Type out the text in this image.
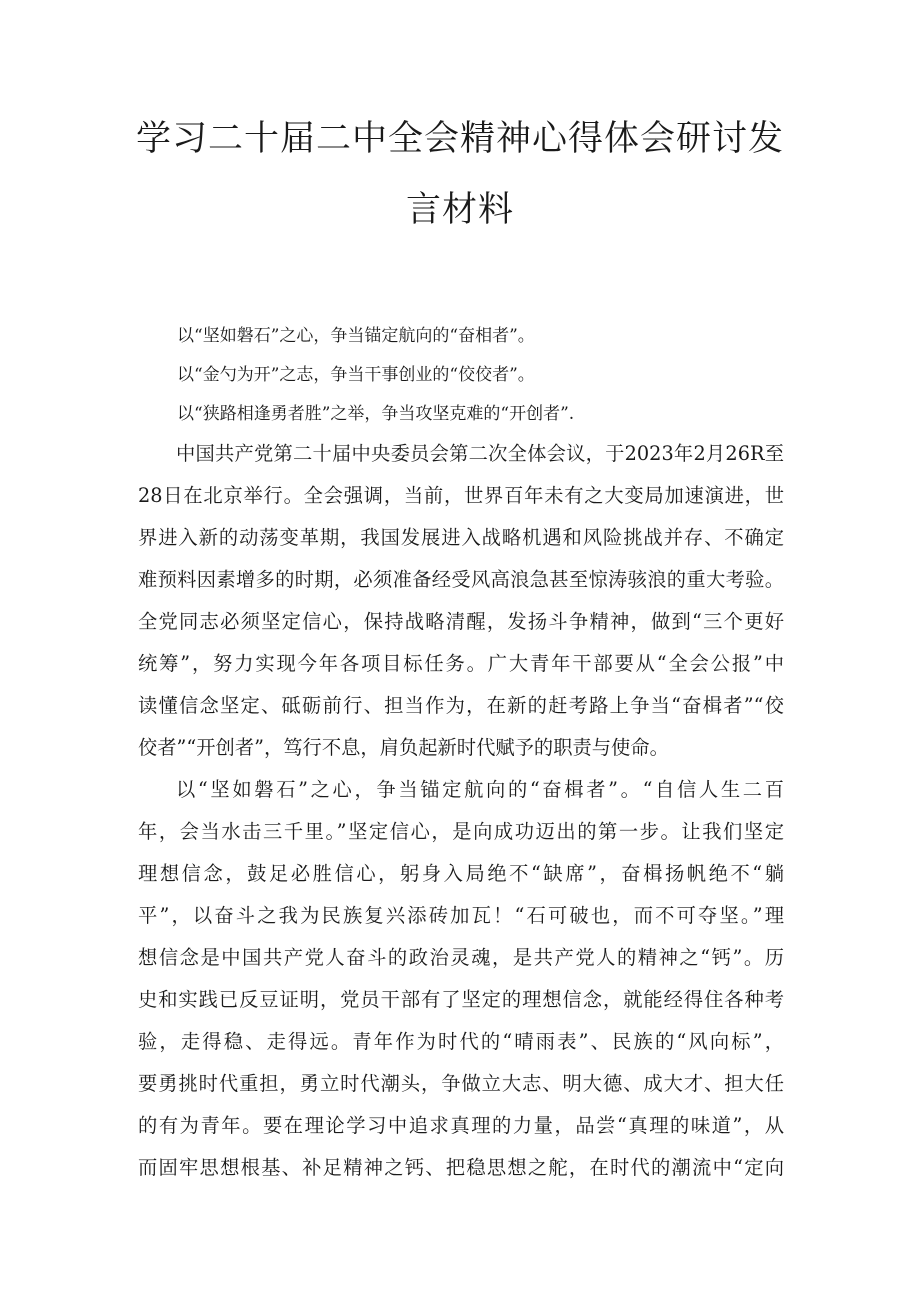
学习二十届二中全会精神心得体会研讨发
言材料

以“坚如磐石”之心，争当锚定航向的“奋相者”。

以“金勺为开”之志，争当干事创业的“佼佼者”。

以“狭路相逢勇者胜”之举，争当攻坚克难的“开创者”.

中国共产党第二十届中央委员会第二次全体会议，于2023年2月26R至

28日在北京举行。全会强调，当前，世界百年未有之大变局加速演进，世

界进入新的动荡变革期，我国发展进入战略机遇和风险挑战并存、不确定

难预料因素增多的时期，必须准备经受风高浪急甚至惊涛骇浪的重大考验。

全党同志必须坚定信心，保持战略清醒，发扬斗争精神，做到“三个更好

统筹”，努力实现今年各项目标任务。广大青年干部要从“全会公报”中

读懂信念坚定、砥砺前行、担当作为，在新的赶考路上争当“奋楫者”“佼

佼者”“开创者”，笃行不息，肩负起新时代赋予的职责与使命。

以“坚如磐石”之心，争当锚定航向的“奋楫者”。“自信人生二百

年，会当水击三千里。”坚定信心，是向成功迈出的第一步。让我们坚定

理想信念，鼓足必胜信心，躬身入局绝不“缺席”，奋楫扬帆绝不“躺

平”，以奋斗之我为民族复兴添砖加瓦！“石可破也，而不可夺坚。”理

想信念是中国共产党人奋斗的政治灵魂，是共产党人的精神之“钙”。历

史和实践已反豆证明，党员干部有了坚定的理想信念，就能经得住各种考

验，走得稳、走得远。青年作为时代的“晴雨表”、民族的“风向标”，

要勇挑时代重担，勇立时代潮头，争做立大志、明大德、成大才、担大任

的有为青年。要在理论学习中追求真理的力量，品尝“真理的味道”，从

而固牢思想根基、补足精神之钙、把稳思想之舵，在时代的潮流中“定向
